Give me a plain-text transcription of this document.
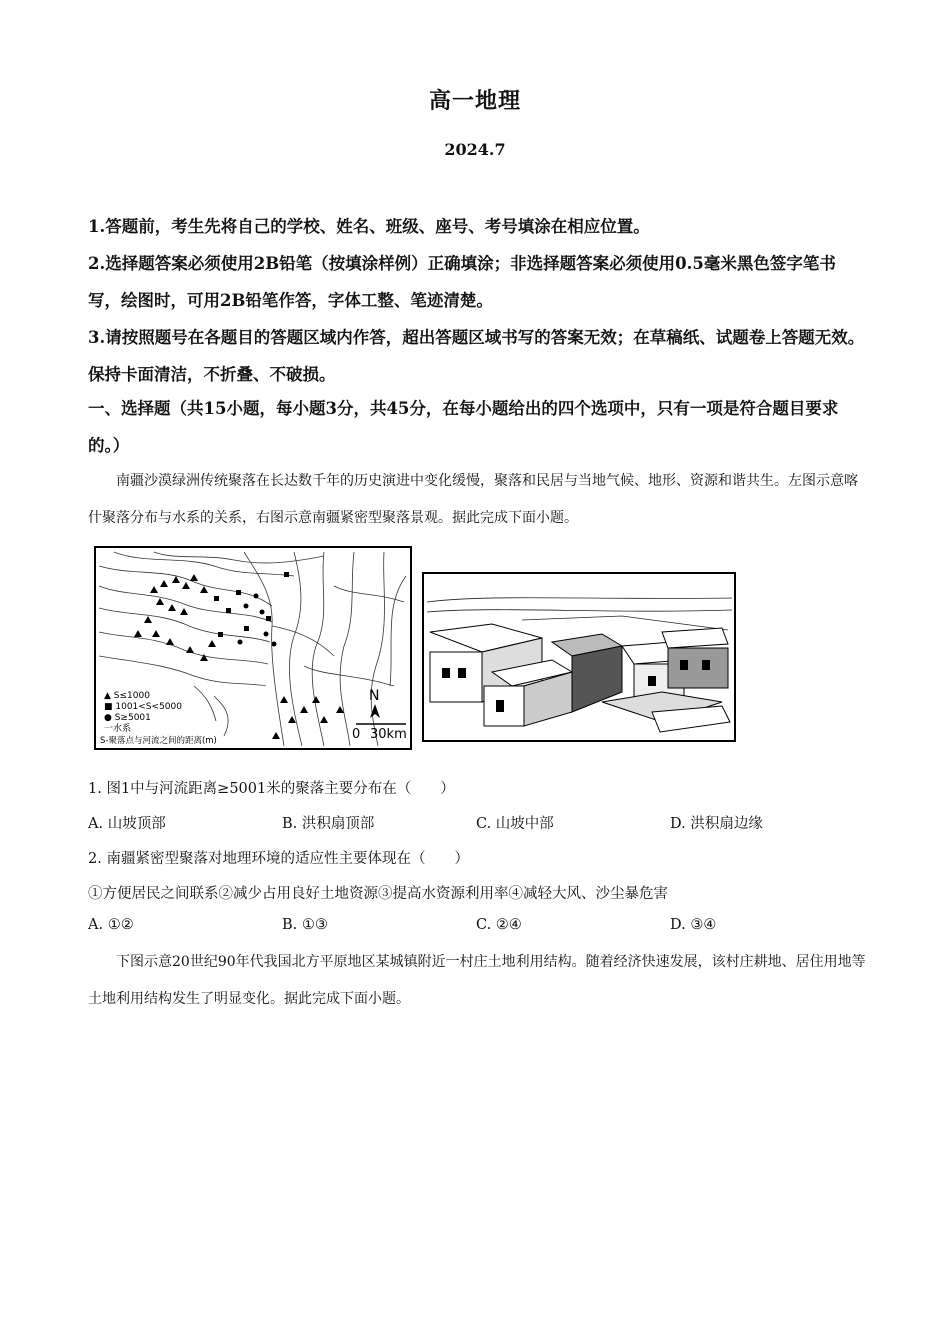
高一地理
2024.7
1.答题前，考生先将自己的学校、姓名、班级、座号、考号填涂在相应位置。
2.选择题答案必须使用2B铅笔（按填涂样例）正确填涂；非选择题答案必须使用0.5毫米黑色签字笔书写，绘图时，可用2B铅笔作答，字体工整、笔迹清楚。
3.请按照题号在各题目的答题区域内作答，超出答题区域书写的答案无效；在草稿纸、试题卷上答题无效。保持卡面清洁，不折叠、不破损。
一、选择题（共15小题，每小题3分，共45分，在每小题给出的四个选项中，只有一项是符合题目要求的。）
南疆沙漠绿洲传统聚落在长达数千年的历史演进中变化缓慢，聚落和民居与当地气候、地形、资源和谐共生。左图示意喀什聚落分布与水系的关系，右图示意南疆紧密型聚落景观。据此完成下面小题。
▲ S≤1000
■ 1001<S<5000
● S≥5001
一水系
S-聚落点与河流之间的距离(m)
N
0 30km
1. 图1中与河流距离≥5001米的聚落主要分布在（　　）
A. 山坡顶部	B. 洪积扇顶部	C. 山坡中部	D. 洪积扇边缘
2. 南疆紧密型聚落对地理环境的适应性主要体现在（　　）
①方便居民之间联系②减少占用良好土地资源③提高水资源利用率④减轻大风、沙尘暴危害
A. ①②	B. ①③	C. ②④	D. ③④
下图示意20世纪90年代我国北方平原地区某城镇附近一村庄土地利用结构。随着经济快速发展，该村庄耕地、居住用地等土地利用结构发生了明显变化。据此完成下面小题。
